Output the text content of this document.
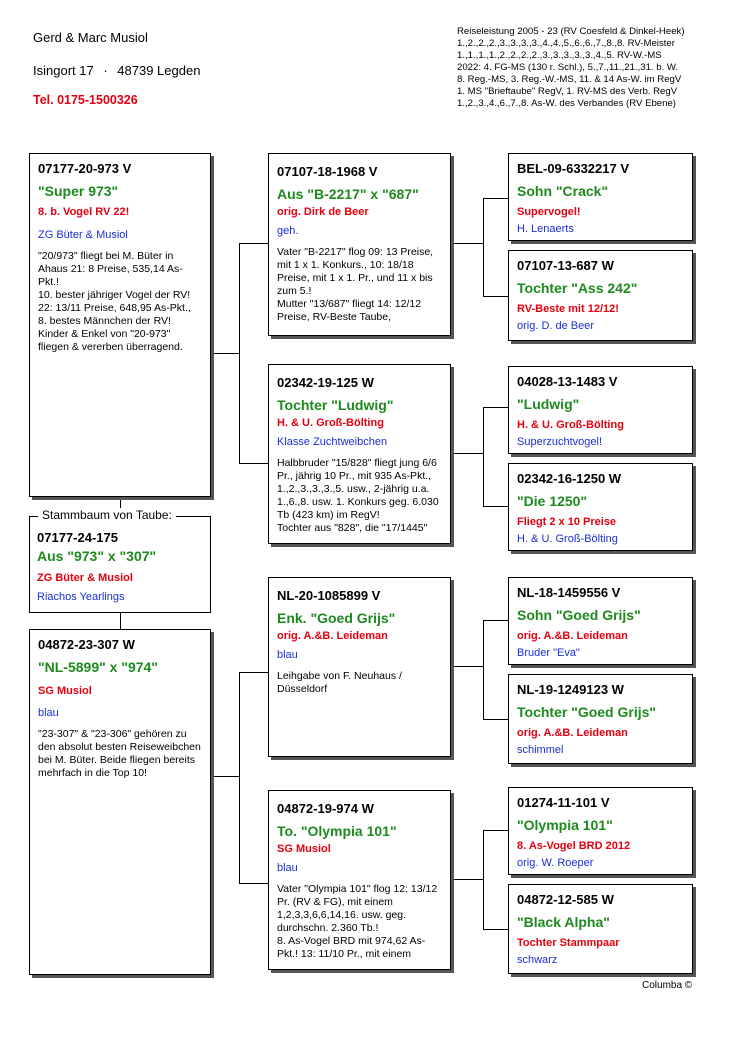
Gerd & Marc Musiol
Isingort 17 · 48739 Legden
Tel. 0175-1500326
Reiseleistung 2005 - 23 (RV Coesfeld & Dinkel-Heek)
1.,2.,2.,2.,3.,3.,3.,3.,4.,4.,5.,6.,6.,7.,8.,8. RV-Meister
1.,1.,1.,1.,2.,2.,2.,2.,3.,3.,3.,3.,3.,4.,5. RV-W.-MS
2022: 4. FG-MS (130 r. Schl.), 5.,7.,11.,21.,31. b. W.
8. Reg.-MS, 3. Reg.-W.-MS, 11. & 14 As-W. im RegV
1. MS "Brieftaube" RegV, 1. RV-MS des Verb. RegV
1.,2.,3.,4.,6.,7.,8. As-W. des Verbandes (RV Ebene)
Stammbaum von Taube:
07177-24-175
Aus "973" x "307"
ZG Büter & Musiol
Riachos Yearlings
07177-20-973 V
"Super 973"
8. b. Vogel RV 22!
ZG Büter & Musiol
"20/973" fliegt bei M. Büter in Ahaus 21: 8 Preise, 535,14 As-Pkt.!
10. bester jähriger Vogel der RV!
22: 13/11 Preise, 648,95 As-Pkt., 8. bestes Männchen der RV!
Kinder & Enkel von "20-973" fliegen & vererben überragend.
04872-23-307 W
"NL-5899" x "974"
SG Musiol
blau
"23-307" & "23-306" gehören zu den absolut besten Reiseweibchen bei M. Büter. Beide fliegen bereits mehrfach in die Top 10!
07107-18-1968 V
Aus "B-2217" x "687"
orig. Dirk de Beer
geh.
Vater "B-2217" flog 09: 13 Preise, mit 1 x 1. Konkurs., 10: 18/18 Preise, mit 1 x 1. Pr., und 11 x bis zum 5.!
Mutter "13/687" fliegt 14: 12/12 Preise, RV-Beste Taube,
02342-19-125 W
Tochter "Ludwig"
H. & U. Groß-Bölting
Klasse Zuchtweibchen
Halbbruder "15/828" fliegt jung 6/6 Pr., jährig 10 Pr., mit 935 As-Pkt., 1.,2.,3.,3.,3.,5. usw., 2-jährig u.a. 1.,6.,8. usw. 1. Konkurs geg. 6.030 Tb (423 km) im RegV!
Tochter aus "828", die "17/1445"
NL-20-1085899 V
Enk. "Goed Grijs"
orig. A.&B. Leideman
blau
Leihgabe von F. Neuhaus / Düsseldorf
04872-19-974 W
To. "Olympia 101"
SG Musiol
blau
Vater "Olympia 101" flog 12: 13/12 Pr. (RV & FG), mit einem 1,2,3,3,6,6,14,16. usw. geg. durchschn. 2.360 Tb.!
8. As-Vogel BRD mit 974,62 As-Pkt.! 13: 11/10 Pr., mit einem
BEL-09-6332217 V
Sohn "Crack"
Supervogel!
H. Lenaerts
07107-13-687 W
Tochter "Ass 242"
RV-Beste mit 12/12!
orig. D. de Beer
04028-13-1483 V
"Ludwig"
H. & U. Groß-Bölting
Superzuchtvogel!
02342-16-1250 W
"Die 1250"
Fliegt 2 x 10 Preise
H. & U. Groß-Bölting
NL-18-1459556 V
Sohn "Goed Grijs"
orig. A.&B. Leideman
Bruder "Eva"
NL-19-1249123 W
Tochter "Goed Grijs"
orig. A.&B. Leideman
schimmel
01274-11-101 V
"Olympia 101"
8. As-Vogel BRD 2012
orig. W. Roeper
04872-12-585 W
"Black Alpha"
Tochter Stammpaar
schwarz
Columba ©
